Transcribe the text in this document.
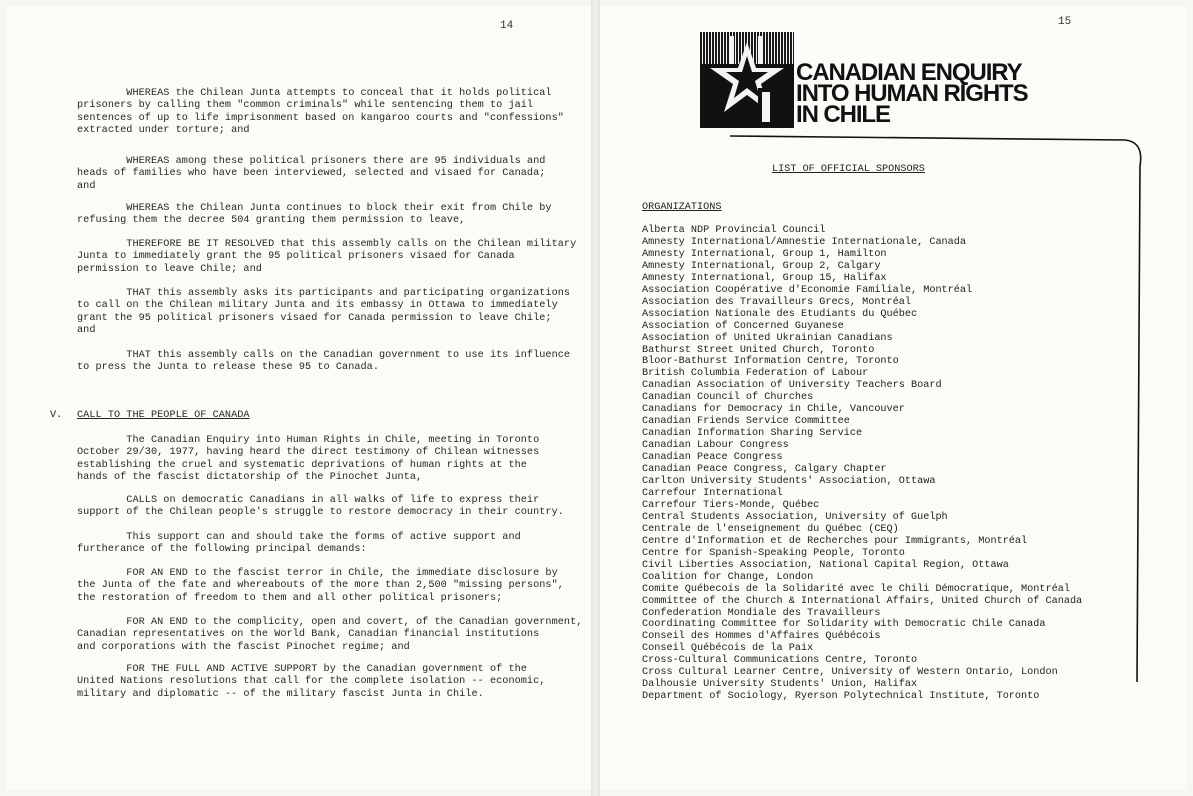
14
WHEREAS the Chilean Junta attempts to conceal that it holds political
prisoners by calling them "common criminals" while sentencing them to jail
sentences of up to life imprisonment based on kangaroo courts and "confessions"
extracted under torture; and
WHEREAS among these political prisoners there are 95 individuals and
heads of families who have been interviewed, selected and visaed for Canada;
and
WHEREAS the Chilean Junta continues to block their exit from Chile by
refusing them the decree 504 granting them permission to leave,
THEREFORE BE IT RESOLVED that this assembly calls on the Chilean military
Junta to immediately grant the 95 political prisoners visaed for Canada
permission to leave Chile; and
THAT this assembly asks its participants and participating organizations
to call on the Chilean military Junta and its embassy in Ottawa to immediately
grant the 95 political prisoners visaed for Canada permission to leave Chile;
and
THAT this assembly calls on the Canadian government to use its influence
to press the Junta to release these 95 to Canada.
V. CALL TO THE PEOPLE OF CANADA
The Canadian Enquiry into Human Rights in Chile, meeting in Toronto
October 29/30, 1977, having heard the direct testimony of Chilean witnesses
establishing the cruel and systematic deprivations of human rights at the
hands of the fascist dictatorship of the Pinochet Junta,
CALLS on democratic Canadians in all walks of life to express their
support of the Chilean people's struggle to restore democracy in their country.
This support can and should take the forms of active support and
furtherance of the following principal demands:
FOR AN END to the fascist terror in Chile, the immediate disclosure by
the Junta of the fate and whereabouts of the more than 2,500 "missing persons",
the restoration of freedom to them and all other political prisoners;
FOR AN END to the complicity, open and covert, of the Canadian government,
Canadian representatives on the World Bank, Canadian financial institutions
and corporations with the fascist Pinochet regime; and
FOR THE FULL AND ACTIVE SUPPORT by the Canadian government of the
United Nations resolutions that call for the complete isolation -- economic,
military and diplomatic -- of the military fascist Junta in Chile.
15
CANADIAN ENQUIRY
INTO HUMAN RIGHTS
IN CHILE
LIST OF OFFICIAL SPONSORS
ORGANIZATIONS
Alberta NDP Provincial Council
Amnesty International/Amnestie Internationale, Canada
Amnesty International, Group 1, Hamilton
Amnesty International, Group 2, Calgary
Amnesty International, Group 15, Halifax
Association Coopérative d'Economie Familiale, Montréal
Association des Travailleurs Grecs, Montréal
Association Nationale des Etudiants du Québec
Association of Concerned Guyanese
Association of United Ukrainian Canadians
Bathurst Street United Church, Toronto
Bloor-Bathurst Information Centre, Toronto
British Columbia Federation of Labour
Canadian Association of University Teachers Board
Canadian Council of Churches
Canadians for Democracy in Chile, Vancouver
Canadian Friends Service Committee
Canadian Information Sharing Service
Canadian Labour Congress
Canadian Peace Congress
Canadian Peace Congress, Calgary Chapter
Carlton University Students' Association, Ottawa
Carrefour International
Carrefour Tiers-Monde, Québec
Central Students Association, University of Guelph
Centrale de l'enseignement du Québec (CEQ)
Centre d'Information et de Recherches pour Immigrants, Montréal
Centre for Spanish-Speaking People, Toronto
Civil Liberties Association, National Capital Region, Ottawa
Coalition for Change, London
Comite Québecois de la Solidarité avec le Chili Démocratique, Montréal
Committee of the Church & International Affairs, United Church of Canada
Confederation Mondiale des Travailleurs
Coordinating Committee for Solidarity with Democratic Chile Canada
Conseil des Hommes d'Affaires Québécois
Conseil Québécois de la Paix
Cross-Cultural Communications Centre, Toronto
Cross Cultural Learner Centre, University of Western Ontario, London
Dalhousie University Students' Union, Halifax
Department of Sociology, Ryerson Polytechnical Institute, Toronto
